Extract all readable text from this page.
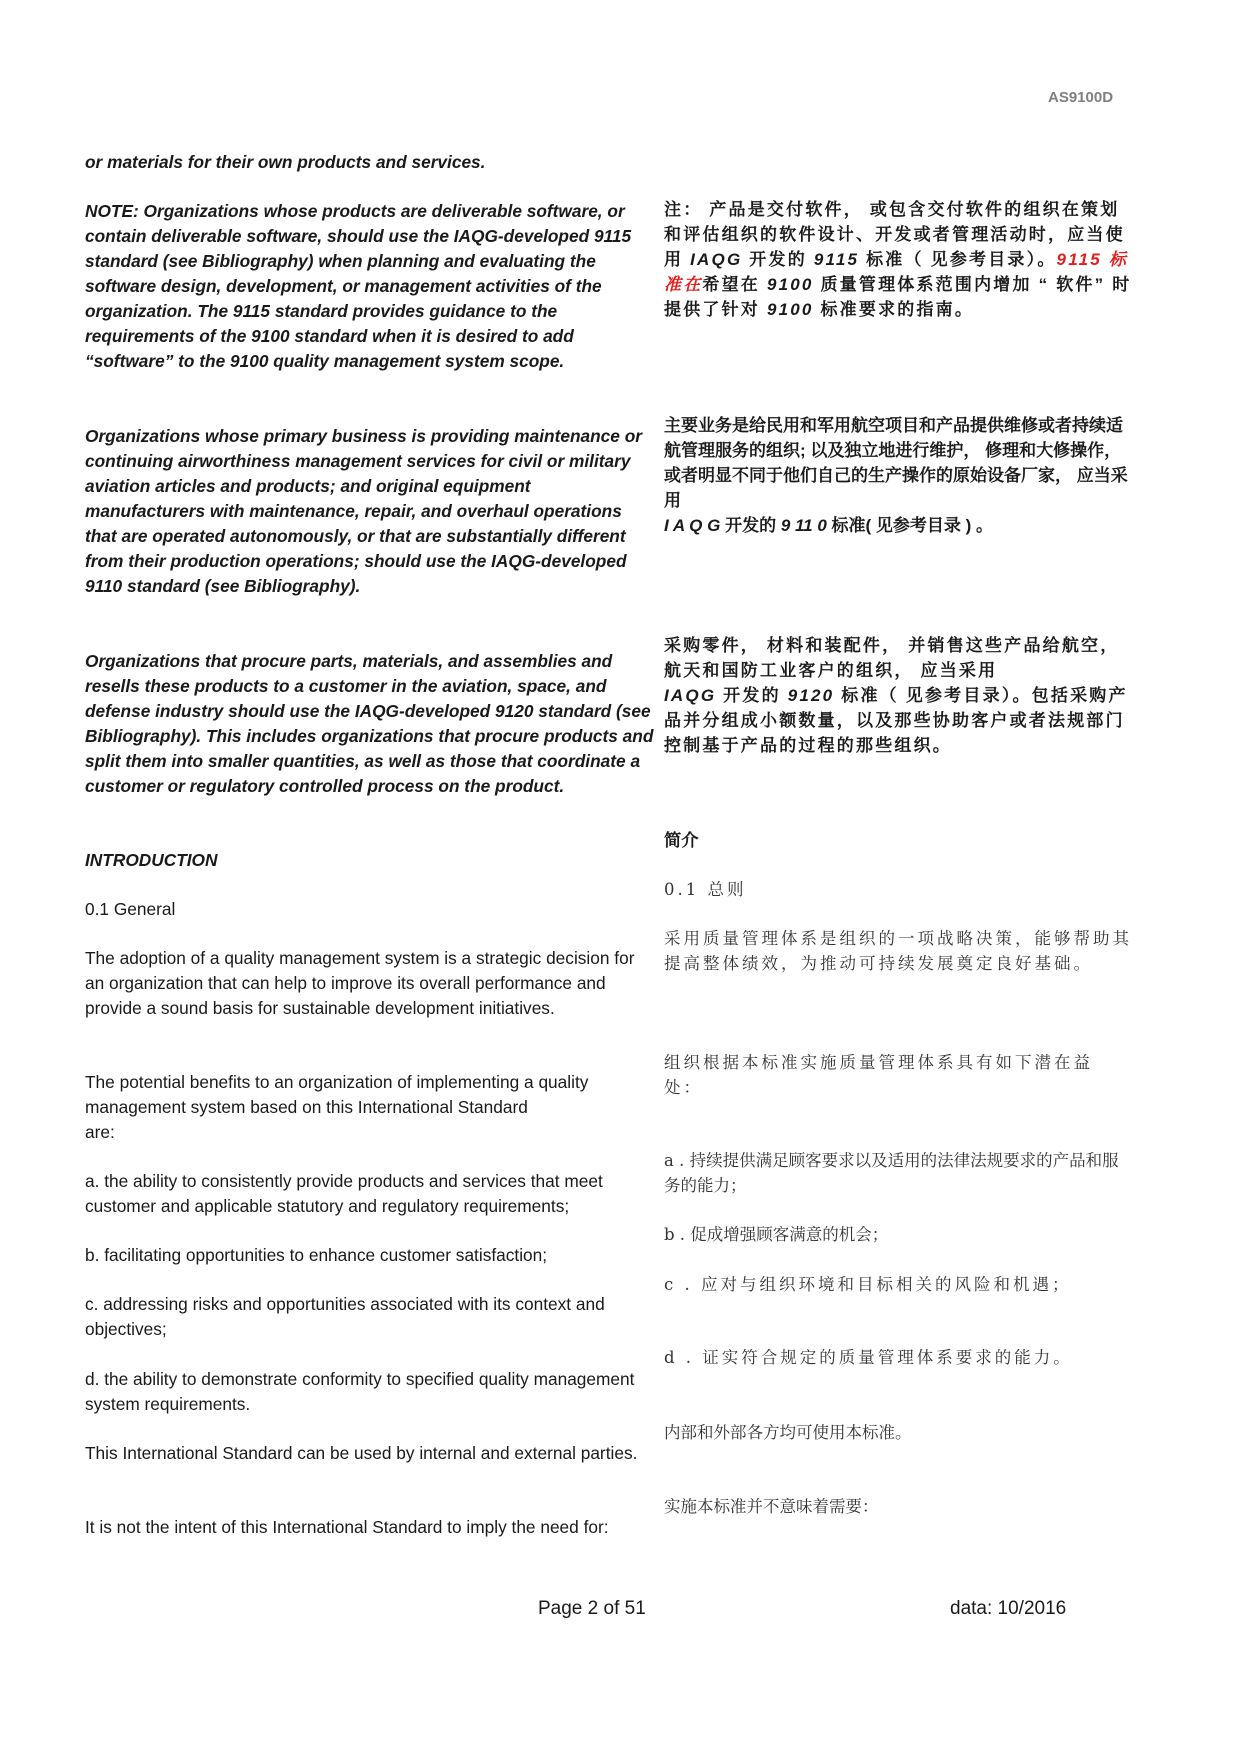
AS9100D

or materials for their own products and services.

NOTE: Organizations whose products are deliverable software, or contain deliverable software, should use the IAQG-developed 9115 standard (see Bibliography) when planning and evaluating the software design, development, or management activities of the organization. The 9115 standard provides guidance to the requirements of the 9100 standard when it is desired to add “software” to the 9100 quality management system scope.

Organizations whose primary business is providing maintenance or continuing airworthiness management services for civil or military aviation articles and products; and original equipment manufacturers with maintenance, repair, and overhaul operations that are operated autonomously, or that are substantially different from their production operations; should use the IAQG-developed 9110 standard (see Bibliography).

Organizations that procure parts, materials, and assemblies and resells these products to a customer in the aviation, space, and defense industry should use the IAQG-developed 9120 standard (see Bibliography). This includes organizations that procure products and split them into smaller quantities, as well as those that coordinate a customer or regulatory controlled process on the product.

INTRODUCTION

0.1 General

The adoption of a quality management system is a strategic decision for an organization that can help to improve its overall performance and provide a sound basis for sustainable development initiatives.

The potential benefits to an organization of implementing a quality
management system based on this International Standard
are:

a. the ability to consistently provide products and services that meet customer and applicable statutory and regulatory requirements;

b. facilitating opportunities to enhance customer satisfaction;

c. addressing risks and opportunities associated with its context and objectives;

d. the ability to demonstrate conformity to specified quality management system requirements.

This International Standard can be used by internal and external parties.

It is not the intent of this International Standard to imply the need for:

注： 产品是交付软件， 或包含交付软件的组织在策划和评估组织的软件设计、开发或者管理活动时，应当使用 IAQG 开发的 9115 标准（ 见参考目录）。9115 标准在希望在 9100 质量管理体系范围内增加 “ 软件” 时提供了针对 9100 标准要求的指南。

主要业务是给民用和军用航空项目和产品提供维修或者持续适航管理服务的组织; 以及独立地进行维护， 修理和大修操作， 或者明显不同于他们自己的生产操作的原始设备厂家， 应当采用
I A Q G 开发的 9 11 0 标准( 见参考目录 ) 。

采购零件， 材料和装配件， 并销售这些产品给航空，航天和国防工业客户的组织， 应当采用
IAQG 开发的 9120 标准（ 见参考目录）。包括采购产品并分组成小额数量，以及那些协助客户或者法规部门控制基于产品的过程的那些组织。

简介

0.1 总则

采用质量管理体系是组织的一项战略决策，能够帮助其提高整体绩效，为推动可持续发展奠定良好基础。

组织根据本标准实施质量管理体系具有如下潜在益处：

a . 持续提供满足顾客要求以及适用的法律法规要求的产品和服务的能力；

b . 促成增强顾客满意的机会；

c . 应对与组织环境和目标相关的风险和机遇；

d . 证实符合规定的质量管理体系要求的能力。

内部和外部各方均可使用本标准。

实施本标准并不意味着需要：

Page 2 of 51	data: 10/2016
